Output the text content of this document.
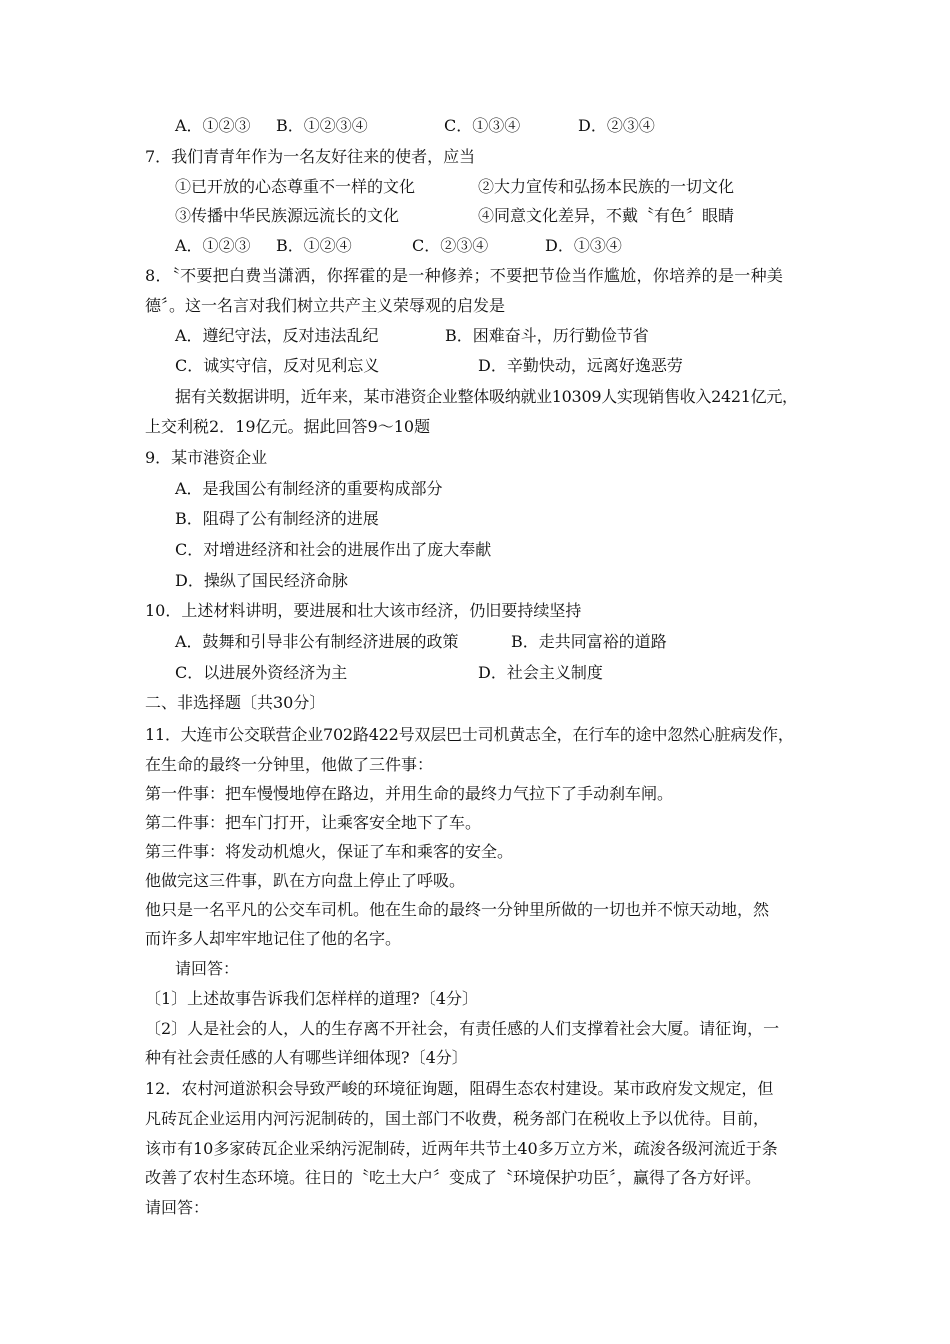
A．①②③ B．①②③④	C．①③④	D．②③④
7．我们青青年作为一名友好往来的使者，应当
①已开放的心态尊重不一样的文化	②大力宣传和弘扬本民族的一切文化
③传播中华民族源远流长的文化	④同意文化差异，不戴〝有色〞眼睛
A．①②③ B．①②④	C．②③④	D．①③④
8．〝不要把白费当潇洒，你挥霍的是一种修养；不要把节俭当作尴尬，你培养的是一种美
德〞。这一名言对我们树立共产主义荣辱观的启发是
A．遵纪守法，反对违法乱纪	B．困难奋斗，历行勤俭节省
C．诚实守信，反对见利忘义	D．辛勤快动，远离好逸恶劳
据有关数据讲明，近年来，某市港资企业整体吸纳就业10309人实现销售收入2421亿元，
上交利税2．19亿元。据此回答9～10题
9．某市港资企业
A．是我国公有制经济的重要构成部分
B．阻碍了公有制经济的进展
C．对增进经济和社会的进展作出了庞大奉献
D．操纵了国民经济命脉
10．上述材料讲明，要进展和壮大该市经济，仍旧要持续坚持
A．鼓舞和引导非公有制经济进展的政策	B．走共同富裕的道路
C．以进展外资经济为主	D．社会主义制度
二、非选择题〔共30分〕
11．大连市公交联营企业702路422号双层巴士司机黄志全，在行车的途中忽然心脏病发作，
在生命的最终一分钟里，他做了三件事：
第一件事：把车慢慢地停在路边，并用生命的最终力气拉下了手动刹车闸。
第二件事：把车门打开，让乘客安全地下了车。
第三件事：将发动机熄火，保证了车和乘客的安全。
他做完这三件事，趴在方向盘上停止了呼吸。
他只是一名平凡的公交车司机。他在生命的最终一分钟里所做的一切也并不惊天动地，然
而许多人却牢牢地记住了他的名字。
请回答：
〔1〕上述故事告诉我们怎样样的道理?〔4分〕
〔2〕人是社会的人，人的生存离不开社会，有责任感的人们支撑着社会大厦。请征询，一
种有社会责任感的人有哪些详细体现?〔4分〕
12．农村河道淤积会导致严峻的环境征询题，阻碍生态农村建设。某市政府发文规定，但
凡砖瓦企业运用内河污泥制砖的，国土部门不收费，税务部门在税收上予以优待。目前，
该市有10多家砖瓦企业采纳污泥制砖，近两年共节土40多万立方米，疏浚各级河流近于条
改善了农村生态环境。往日的〝吃土大户〞变成了〝环境保护功臣〞，赢得了各方好评。
请回答：
